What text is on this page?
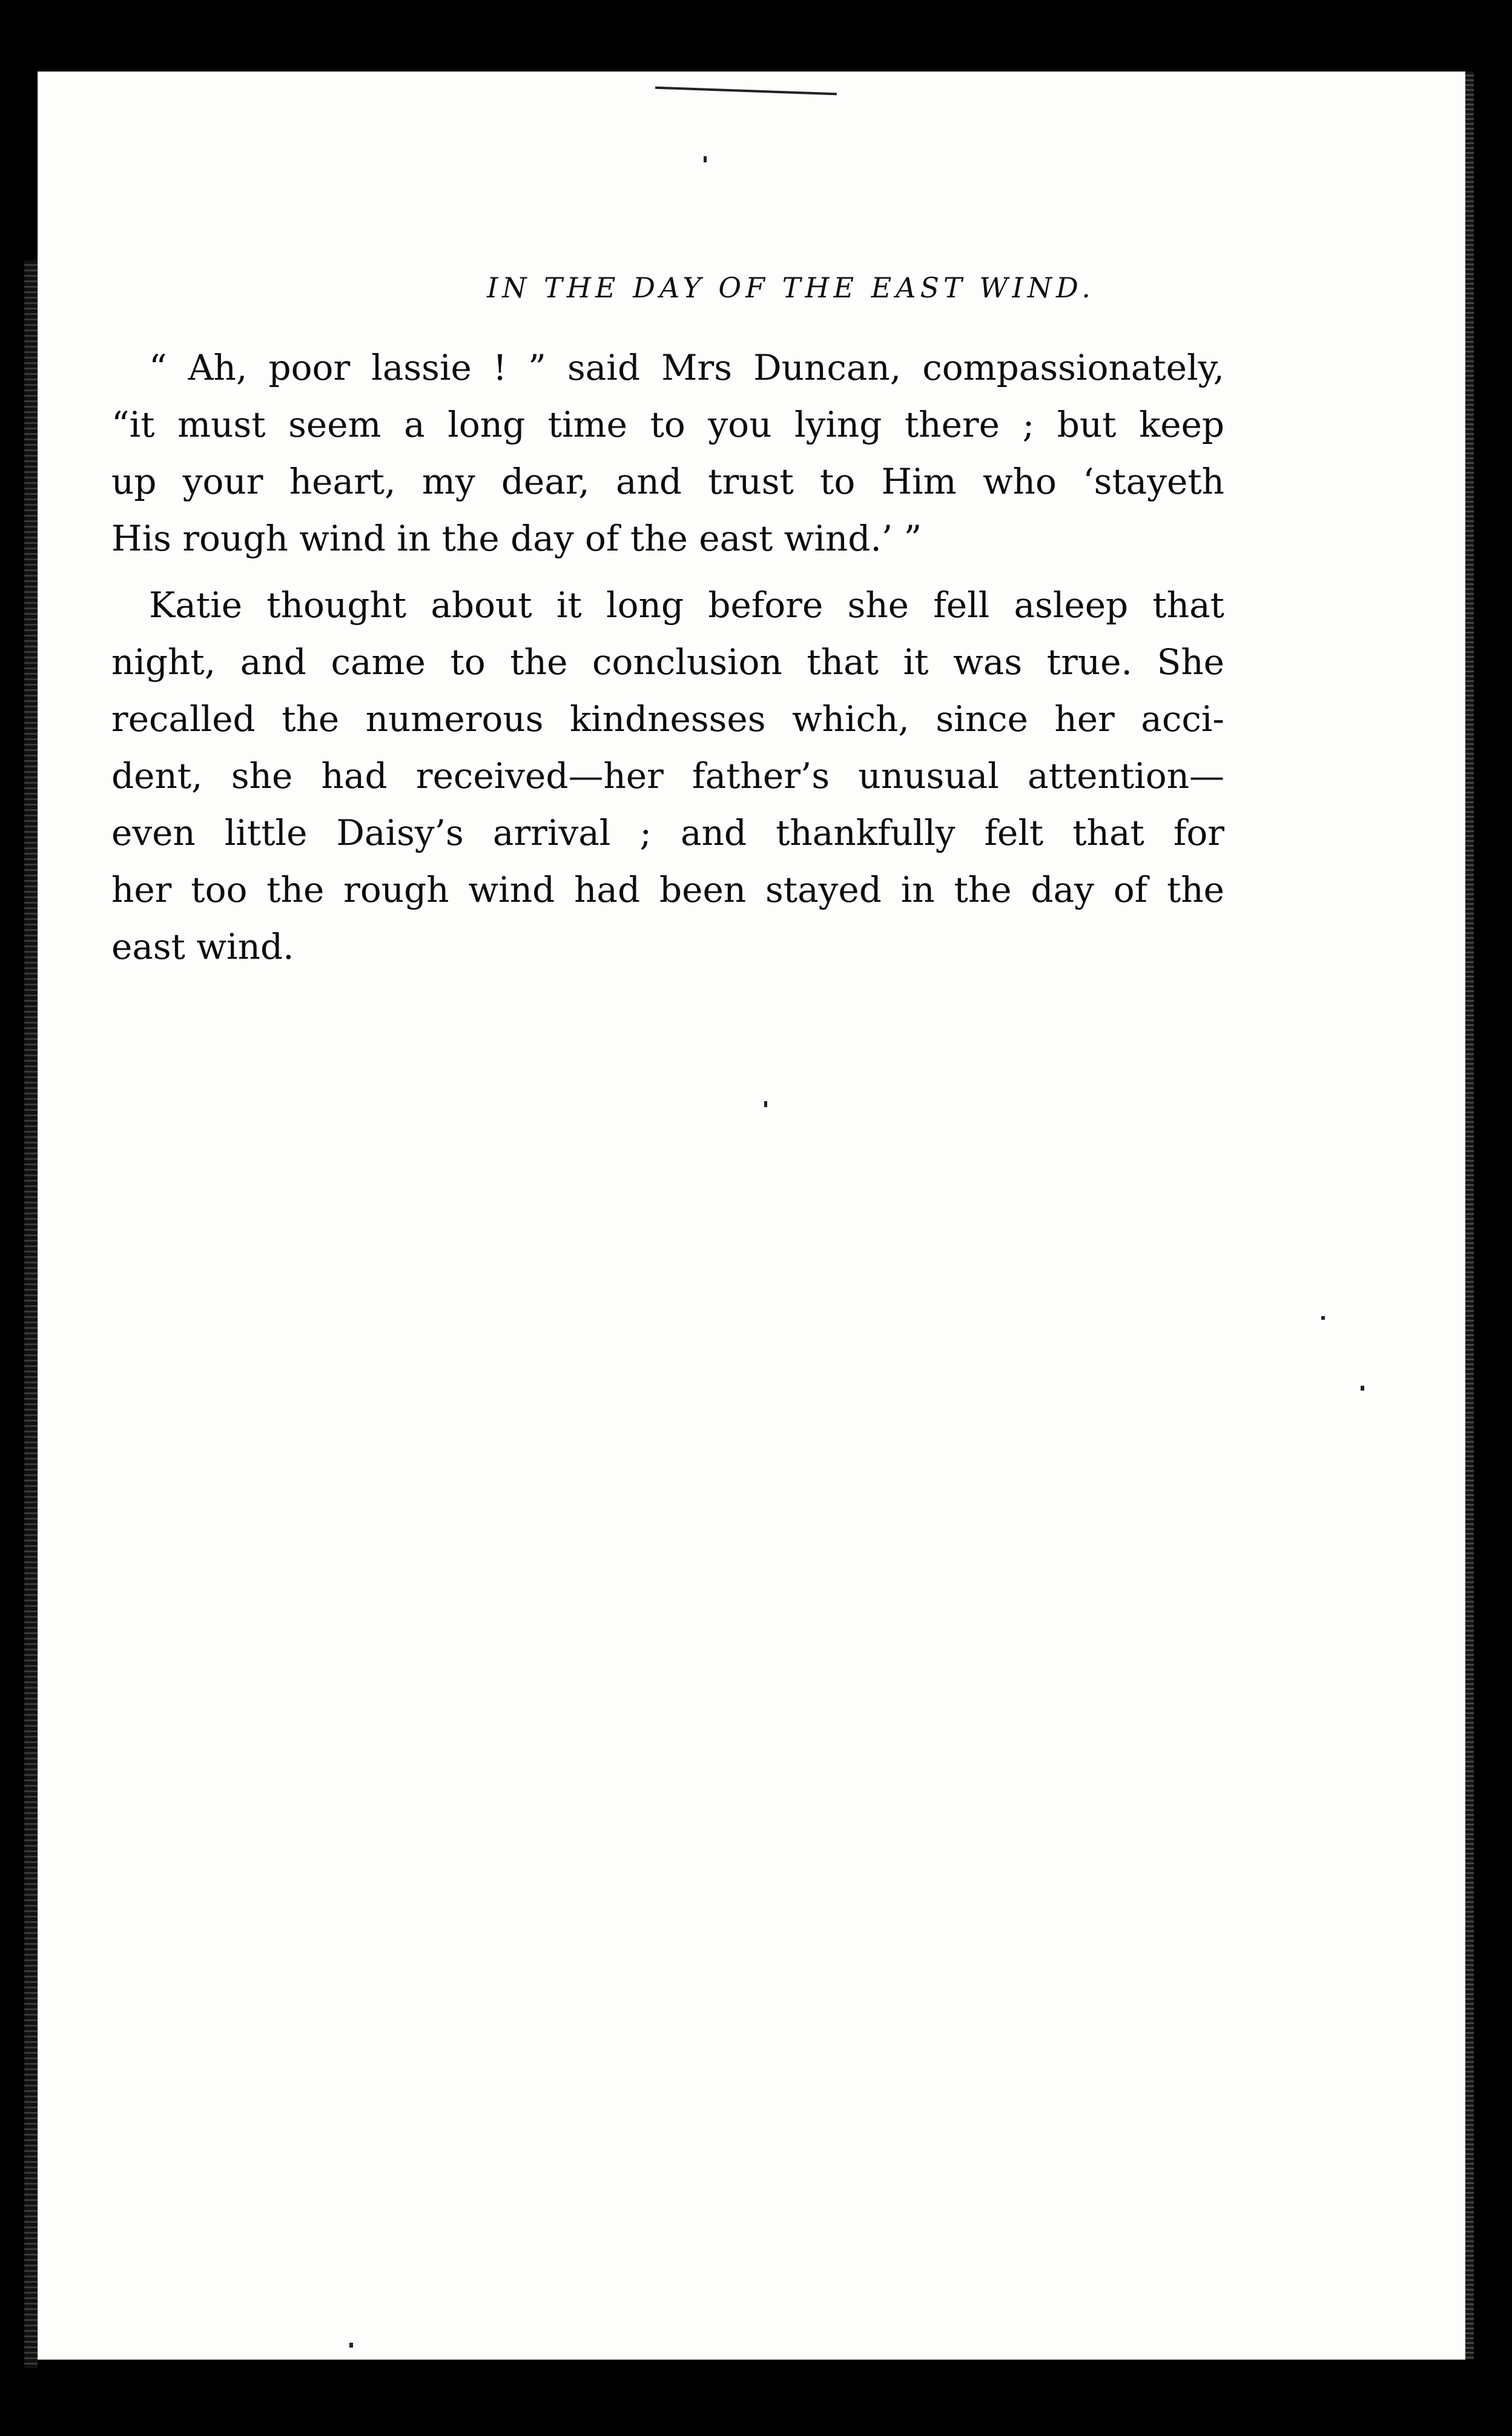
IN THE DAY OF THE EAST WIND.
“ Ah, poor lassie ! ” said Mrs Duncan, compassionately,
“it must seem a long time to you lying there ; but keep
up your heart, my dear, and trust to Him who ‘stayeth
His rough wind in the day of the east wind.’ ”
Katie thought about it long before she fell asleep that
night, and came to the conclusion that it was true. She
recalled the numerous kindnesses which, since her acci-
dent, she had received—her father’s unusual attention—
even little Daisy’s arrival ; and thankfully felt that for
her too the rough wind had been stayed in the day of the
east wind.
